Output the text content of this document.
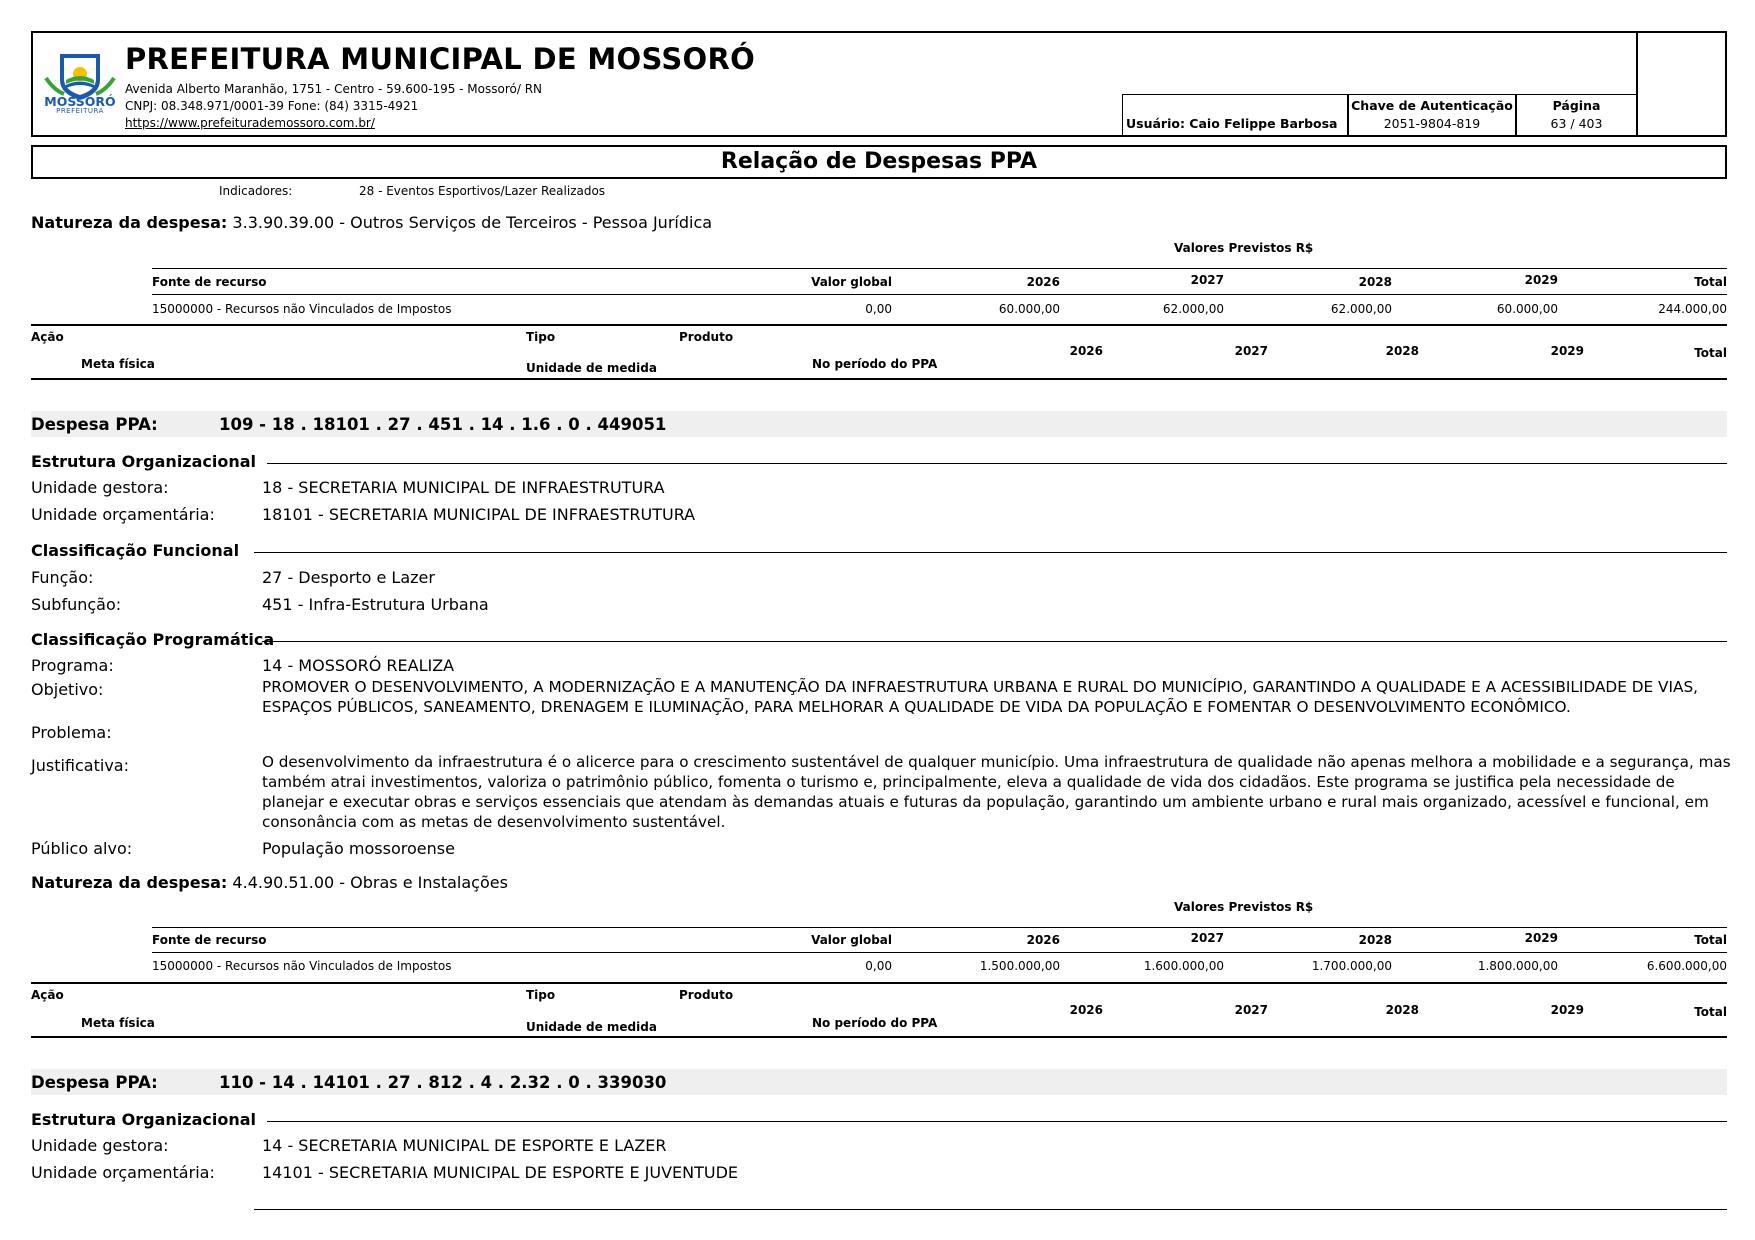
MOSSORÓ
PREFEITURA
PREFEITURA MUNICIPAL DE MOSSORÓ
Avenida Alberto Maranhão, 1751 - Centro - 59.600-195 - Mossoró/ RN
CNPJ: 08.348.971/0001-39 Fone: (84) 3315-4921
https://www.prefeiturademossoro.com.br/	Usuário: Caio Felippe Barbosa
Chave de Autenticação
2051-9804-819
Página
63 / 403
Relação de Despesas PPA
Indicadores:	28 - Eventos Esportivos/Lazer Realizados
Natureza da despesa: 3.3.90.39.00 - Outros Serviços de Terceiros - Pessoa Jurídica
Valores Previstos R$
Fonte de recurso	Valor global	2026	2027	2028	2029	Total
15000000 - Recursos não Vinculados de Impostos	0,00	60.000,00	62.000,00	62.000,00	60.000,00	244.000,00
Ação	Tipo	Produto
Meta física	Unidade de medida	No período do PPA
2026	2027	2028	2029	Total
Despesa PPA:	109 - 18 . 18101 . 27 . 451 . 14 . 1.6 . 0 . 449051
Estrutura Organizacional
Unidade gestora:	18 - SECRETARIA MUNICIPAL DE INFRAESTRUTURA
Unidade orçamentária:	18101 - SECRETARIA MUNICIPAL DE INFRAESTRUTURA
Classificação Funcional
Função:	27 - Desporto e Lazer
Subfunção:	451 - Infra-Estrutura Urbana
Classificação Programática
Programa:	14 - MOSSORÓ REALIZA
Objetivo:	PROMOVER O DESENVOLVIMENTO, A MODERNIZAÇÃO E A MANUTENÇÃO DA INFRAESTRUTURA URBANA E RURAL DO MUNICÍPIO, GARANTINDO A QUALIDADE E A ACESSIBILIDADE DE VIAS, ESPAÇOS PÚBLICOS, SANEAMENTO, DRENAGEM E ILUMINAÇÃO, PARA MELHORAR A QUALIDADE DE VIDA DA POPULAÇÃO E FOMENTAR O DESENVOLVIMENTO ECONÔMICO.
Problema:
Justificativa:	O desenvolvimento da infraestrutura é o alicerce para o crescimento sustentável de qualquer município. Uma infraestrutura de qualidade não apenas melhora a mobilidade e a segurança, mas também atrai investimentos, valoriza o patrimônio público, fomenta o turismo e, principalmente, eleva a qualidade de vida dos cidadãos. Este programa se justifica pela necessidade de planejar e executar obras e serviços essenciais que atendam às demandas atuais e futuras da população, garantindo um ambiente urbano e rural mais organizado, acessível e funcional, em consonância com as metas de desenvolvimento sustentável.
Público alvo:	População mossoroense
Natureza da despesa: 4.4.90.51.00 - Obras e Instalações
Valores Previstos R$
Fonte de recurso	Valor global	2026	2027	2028	2029	Total
15000000 - Recursos não Vinculados de Impostos	0,00	1.500.000,00	1.600.000,00	1.700.000,00	1.800.000,00	6.600.000,00
Ação	Tipo	Produto
Meta física	Unidade de medida	No período do PPA
2026	2027	2028	2029	Total
Despesa PPA:	110 - 14 . 14101 . 27 . 812 . 4 . 2.32 . 0 . 339030
Estrutura Organizacional
Unidade gestora:	14 - SECRETARIA MUNICIPAL DE ESPORTE E LAZER
Unidade orçamentária:	14101 - SECRETARIA MUNICIPAL DE ESPORTE E JUVENTUDE
